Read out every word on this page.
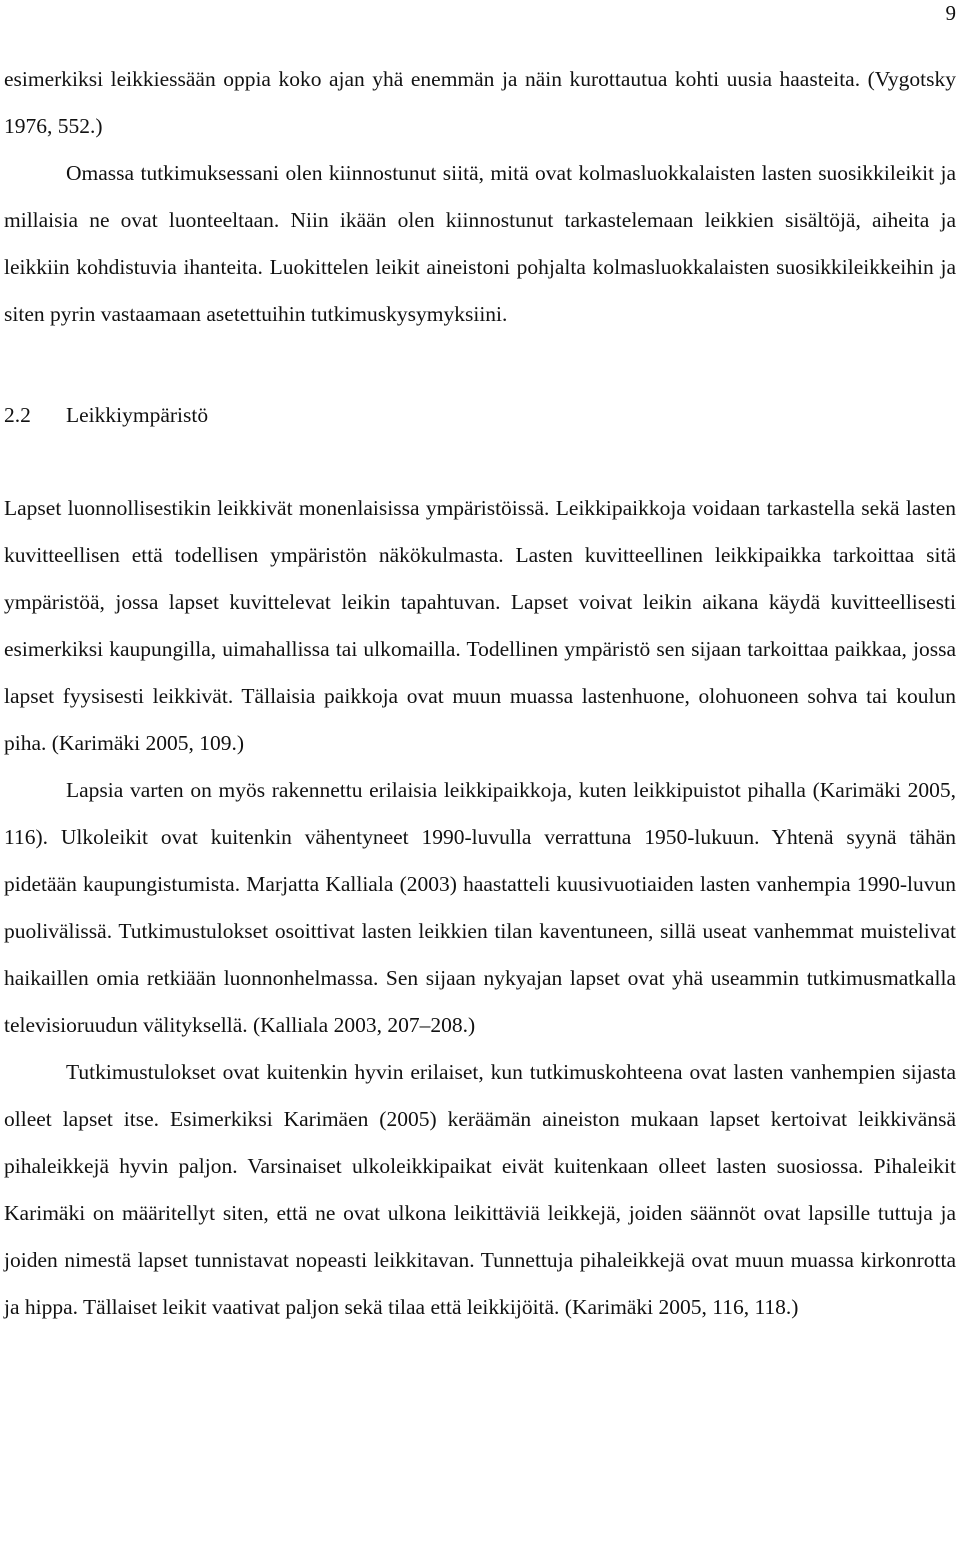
9

esimerkiksi leikkiessään oppia koko ajan yhä enemmän ja näin kurottautua kohti uusia haasteita. (Vygotsky 1976, 552.)

Omassa tutkimuksessani olen kiinnostunut siitä, mitä ovat kolmasluokkalaisten lasten suosikkileikit ja millaisia ne ovat luonteeltaan. Niin ikään olen kiinnostunut tarkastelemaan leikkien sisältöjä, aiheita ja leikkiin kohdistuvia ihanteita. Luokittelen leikit aineistoni pohjalta kolmasluokkalaisten suosikkileikkeihin ja siten pyrin vastaamaan asetettuihin tutkimuskysymyksiini.

2.2 Leikkiympäristö

Lapset luonnollisestikin leikkivät monenlaisissa ympäristöissä. Leikkipaikkoja voidaan tarkastella sekä lasten kuvitteellisen että todellisen ympäristön näkökulmasta. Lasten kuvitteellinen leikkipaikka tarkoittaa sitä ympäristöä, jossa lapset kuvittelevat leikin tapahtuvan. Lapset voivat leikin aikana käydä kuvitteellisesti esimerkiksi kaupungilla, uimahallissa tai ulkomailla. Todellinen ympäristö sen sijaan tarkoittaa paikkaa, jossa lapset fyysisesti leikkivät. Tällaisia paikkoja ovat muun muassa lastenhuone, olohuoneen sohva tai koulun piha. (Karimäki 2005, 109.)

Lapsia varten on myös rakennettu erilaisia leikkipaikkoja, kuten leikkipuistot pihalla (Karimäki 2005, 116). Ulkoleikit ovat kuitenkin vähentyneet 1990-luvulla verrattuna 1950-lukuun. Yhtenä syynä tähän pidetään kaupungistumista. Marjatta Kalliala (2003) haastatteli kuusivuotiaiden lasten vanhempia 1990-luvun puolivälissä. Tutkimustulokset osoittivat lasten leikkien tilan kaventuneen, sillä useat vanhemmat muistelivat haikaillen omia retkiään luonnonhelmassa. Sen sijaan nykyajan lapset ovat yhä useammin tutkimusmatkalla televisioruudun välityksellä. (Kalliala 2003, 207–208.)

Tutkimustulokset ovat kuitenkin hyvin erilaiset, kun tutkimuskohteena ovat lasten vanhempien sijasta olleet lapset itse. Esimerkiksi Karimäen (2005) keräämän aineiston mukaan lapset kertoivat leikkivänsä pihaleikkejä hyvin paljon. Varsinaiset ulkoleikkipaikat eivät kuitenkaan olleet lasten suosiossa. Pihaleikit Karimäki on määritellyt siten, että ne ovat ulkona leikittäviä leikkejä, joiden säännöt ovat lapsille tuttuja ja joiden nimestä lapset tunnistavat nopeasti leikkitavan. Tunnettuja pihaleikkejä ovat muun muassa kirkonrotta ja hippa. Tällaiset leikit vaativat paljon sekä tilaa että leikkijöitä. (Karimäki 2005, 116, 118.)
